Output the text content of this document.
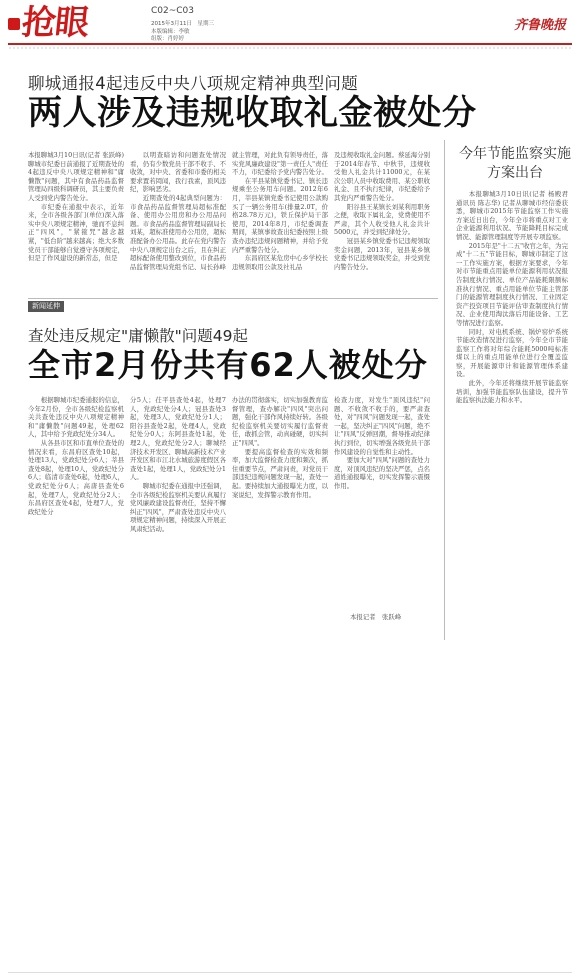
抢眼	C02~C03
2015年3月11日　星期三
本版编辑：李敏
组版：肖婷婷
齐鲁晚报
聊城通报4起违反中央八项规定精神典型问题
两人涉及违规收取礼金被处分

本报聊城3月10日讯(记者 张跃峰) 聊城市纪委日前通报了近期查处的4起违反中央八项规定精神和"庸懒散"问题，其中有食品药品监督管理局四级科调研员，其主要负责人受到党内警告处分。

市纪委在通报中表示，近年来，全市各级各部门(单位)深入落实中央八项规定精神，驰而不息纠正"四风"，"紧箍咒"越念越紧，"低台阶"越来越高；绝大多数党员干部能够自觉遵守各项规定，但是了作风建设的新常态，但是

以明查暗访和问题查处情况看，仍有少数党员干部不收手、不收敛，对中央、省委和市委的相关要求置若罔闻，我行我素，顶风违纪，影响恶劣。

近期查处的4起典型问题为：市食品药品监督管理局超标准配备、使用办公用房和办公用品问题。市食品药品监督管理局副局长刘某，超标准使用办公用房，超标准配备办公用品。此存在党内警告中央八项规定出台之后，且在纠正超标配备使用整改到位，市食品药品监督管理局党组书记、局长孙峰

就主管理，对此负有领导责任，落实党风廉政建设"第一责任人"责任不力，市纪委给予党内警告处分。

在平县某镇党委书记、镇长违规乘坐公务用车问题。2012年6月，莘县某镇党委书记使用公款购买了一辆公务用车(排量2.0T，价格28.78万元)，铁丘保护局干部使用，2014年8月，市纪委调查期间，某镇事故查出纪委按照上级查办违纪违规问题精神，并给予党内严重警告处分。

东昌府区某危房中心乡学校长违规领取用公款及社礼品

及违规收取礼金问题。蔡延海分别于2014年春节、中秋节，违规收受他人礼金共计11000元，在某次公职人员中收取费用、某公职收礼金、且不执行纪律，市纪委给予其党内严重警告处分。

阳谷县王某镇长刘某利用职务之便，收取下属礼金，党费使用不严肃，其个人收受他人礼金共计5000元，并受到纪律处分。

冠县某乡镇党委书记违规领取奖金问题，2013年，冠县某乡镇党委书记违规领取奖金，并受到党内警告处分。

今年节能监察实施方案出台

本报聊城3月10日讯(记者 杨殿君 通讯员 陈志华) 记者从聊城市经信委获悉，聊城市2015年节能监察工作实施方案近日出台，今年全市将重点对工业企业能源利用状况、节能降耗目标完成情况、能源管理制度等开展专项监察。

2015年是"十二五"收官之年，为完成"十二五"节能目标，聊城市制定了这一工作实施方案，根据方案要求，今年对市节能重点用能单位能源利用状况报告制度执行情况、单位产品能耗限额标准执行情况、重点用能单位节能主管部门的能源管理制度执行情况、工业固定资产投资项目节能评估审查制度执行情况、企业使用淘汰落后用能设备、工艺等情况进行监察。

同时，对电机系统、锅炉窑炉系统节能改造情况进行监察，今年全市节能监察工作将对年综合能耗5000吨标准煤以上的重点用能单位进行全覆盖监察，开展能源审计和能源管理体系建设。

此外，今年还将继续开展节能监察培训，加强节能监察队伍建设，提升节能监察执法能力和水平。

新闻延伸
查处违反规定"庸懒散"问题49起
全市2月份共有62人被处分

根据聊城市纪委通报的信息，今年2月份，全市各级纪检监察机关共查处违反中央八项规定精神和"庸懒散"问题49起，处理62人，其中给予党政纪处分34人。

从各县市区和市直单位查处的情况来看，东昌府区查处10起，处理13人，党政纪处分6人；莘县查处8起，处理10人，党政纪处分6人；临清市查处6起，处理6人，党政纪处分6人；高唐县查处6起，处理7人，党政纪处分2人；东昌府区查处4起，处理7人，党政纪处分

分5人；茌平县查处4起，处理7人，党政纪处分4人；冠县查处3起，处理3人，党政纪处分1人；阳谷县查处2起，处理4人，党政纪处分0人；东阿县查处1起，处理2人，党政纪处分2人；聊城经济技术开发区、聊城高新技术产业开发区和市江北水城旅游度假区各查处1起，处理1人，党政纪处分1人。

聊城市纪委在通报中还强调，全市各级纪检监察机关要认真履行党风廉政建设监督责任，坚持不懈纠正"四风"，严肃查处违反中央八项规定精神问题，持续深入开展正风肃纪活动。

办法的贯彻落实，切实加强教育监督管理，查办解决"四风"突出问题，强化干部作风持续好转。各级纪检监察机关要切实履行监督责任，敢抓会管，动真碰硬，切实纠正"四风"。

要提高监督检查的实效和频率，加大监督检查力度和频次，抓住重要节点，严肃问责，对党员干部违纪违规问题发现一起，查处一起。要持续加大通报曝光力度，以案说纪，发挥警示教育作用。

检查力度，对发生"顶风违纪"问题、不收敛不收手的，要严肃查处，对"四风"问题发现一起，查处一起，坚决纠正"四风"问题，绝不让"四风"反弹回潮，督导推动纪律执行到位，切实增强各级党员干部作风建设的自觉性和主动性。

要加大对"四风"问题的查处力度，对顶风违纪的坚决严惩，点名道姓通报曝光，切实发挥警示震慑作用。

本报记者　张跃峰
